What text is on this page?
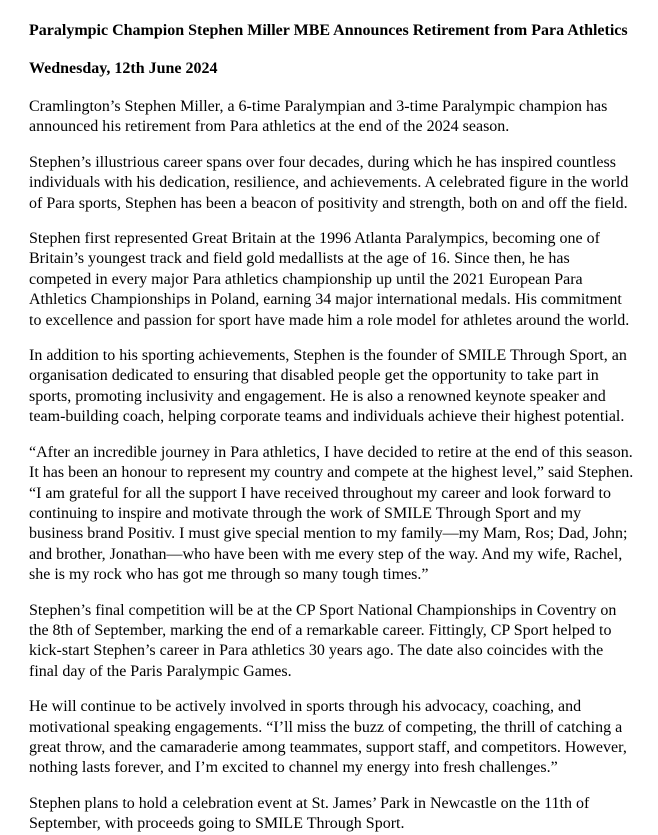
Paralympic Champion Stephen Miller MBE Announces Retirement from Para Athletics

Wednesday, 12th June 2024

Cramlington’s Stephen Miller, a 6-time Paralympian and 3-time Paralympic champion has announced his retirement from Para athletics at the end of the 2024 season.

Stephen’s illustrious career spans over four decades, during which he has inspired countless individuals with his dedication, resilience, and achievements. A celebrated figure in the world of Para sports, Stephen has been a beacon of positivity and strength, both on and off the field.

Stephen first represented Great Britain at the 1996 Atlanta Paralympics, becoming one of Britain’s youngest track and field gold medallists at the age of 16. Since then, he has competed in every major Para athletics championship up until the 2021 European Para Athletics Championships in Poland, earning 34 major international medals. His commitment to excellence and passion for sport have made him a role model for athletes around the world.

In addition to his sporting achievements, Stephen is the founder of SMILE Through Sport, an organisation dedicated to ensuring that disabled people get the opportunity to take part in sports, promoting inclusivity and engagement. He is also a renowned keynote speaker and team-building coach, helping corporate teams and individuals achieve their highest potential.

“After an incredible journey in Para athletics, I have decided to retire at the end of this season. It has been an honour to represent my country and compete at the highest level,” said Stephen. “I am grateful for all the support I have received throughout my career and look forward to continuing to inspire and motivate through the work of SMILE Through Sport and my business brand Positiv. I must give special mention to my family—my Mam, Ros; Dad, John; and brother, Jonathan—who have been with me every step of the way. And my wife, Rachel, she is my rock who has got me through so many tough times.”

Stephen’s final competition will be at the CP Sport National Championships in Coventry on the 8th of September, marking the end of a remarkable career. Fittingly, CP Sport helped to kick-start Stephen’s career in Para athletics 30 years ago. The date also coincides with the final day of the Paris Paralympic Games.

He will continue to be actively involved in sports through his advocacy, coaching, and motivational speaking engagements. “I’ll miss the buzz of competing, the thrill of catching a great throw, and the camaraderie among teammates, support staff, and competitors. However, nothing lasts forever, and I’m excited to channel my energy into fresh challenges.”

Stephen plans to hold a celebration event at St. James’ Park in Newcastle on the 11th of September, with proceeds going to SMILE Through Sport.
